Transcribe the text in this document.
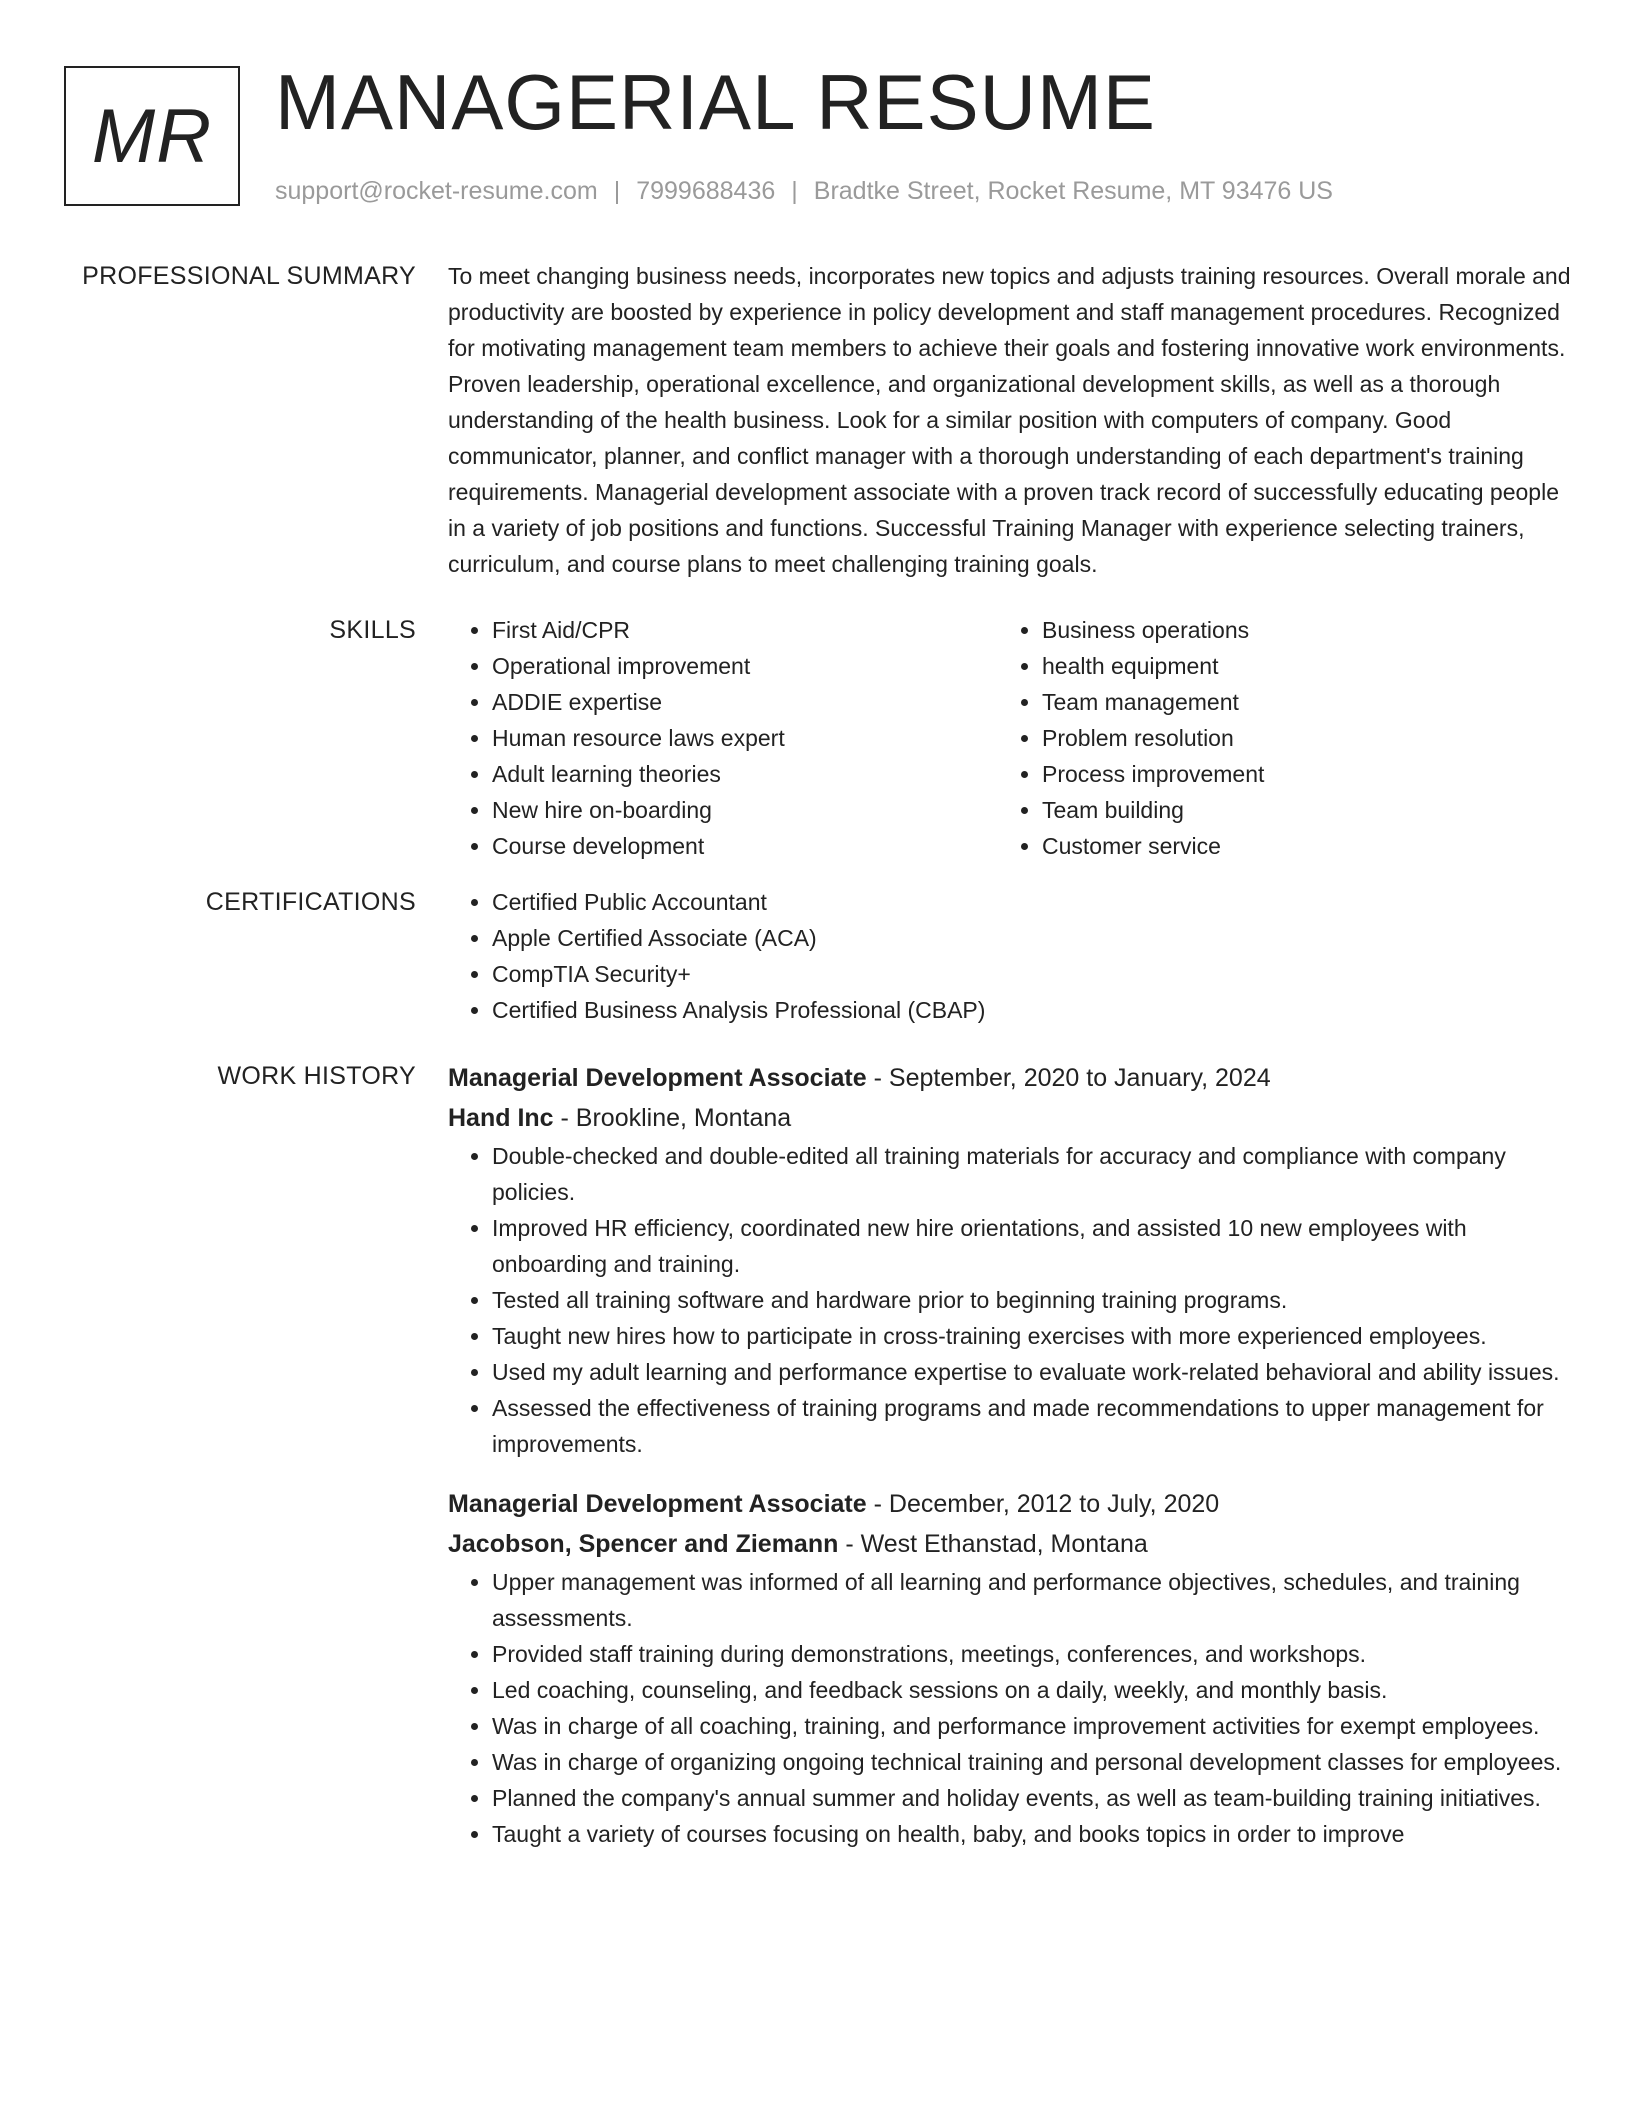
MR MANAGERIAL RESUME
support@rocket-resume.com | 7999688436 | Bradtke Street, Rocket Resume, MT 93476 US
PROFESSIONAL SUMMARY To meet changing business needs, incorporates new topics and adjusts training resources. Overall morale and productivity are boosted by experience in policy development and staff management procedures. Recognized for motivating management team members to achieve their goals and fostering innovative work environments. Proven leadership, operational excellence, and organizational development skills, as well as a thorough understanding of the health business. Look for a similar position with computers of company. Good communicator, planner, and conflict manager with a thorough understanding of each department's training requirements. Managerial development associate with a proven track record of successfully educating people in a variety of job positions and functions. Successful Training Manager with experience selecting trainers, curriculum, and course plans to meet challenging training goals.

SKILLS	• First Aid/CPR
• Operational improvement
• ADDIE expertise
• Human resource laws expert
• Adult learning theories
• New hire on-boarding
• Course development
• Business operations
• health equipment
• Team management
• Problem resolution
• Process improvement
• Team building
• Customer service
CERTIFICATIONS	• Certified Public Accountant
• Apple Certified Associate (ACA)
• CompTIA Security+
• Certified Business Analysis Professional (CBAP)
WORK HISTORY Managerial Development Associate - September, 2020 to January, 2024
Hand Inc - Brookline, Montana
• Double-checked and double-edited all training materials for accuracy and compliance with company policies.
• Improved HR efficiency, coordinated new hire orientations, and assisted 10 new employees with onboarding and training.
• Tested all training software and hardware prior to beginning training programs.
• Taught new hires how to participate in cross-training exercises with more experienced employees.
• Used my adult learning and performance expertise to evaluate work-related behavioral and ability issues.
• Assessed the effectiveness of training programs and made recommendations to upper management for improvements.
Managerial Development Associate - December, 2012 to July, 2020
Jacobson, Spencer and Ziemann - West Ethanstad, Montana
• Upper management was informed of all learning and performance objectives, schedules, and training assessments.
• Provided staff training during demonstrations, meetings, conferences, and workshops.
• Led coaching, counseling, and feedback sessions on a daily, weekly, and monthly basis.
• Was in charge of all coaching, training, and performance improvement activities for exempt employees.
• Was in charge of organizing ongoing technical training and personal development classes for employees.
• Planned the company's annual summer and holiday events, as well as team-building training initiatives.
• Taught a variety of courses focusing on health, baby, and books topics in order to improve
